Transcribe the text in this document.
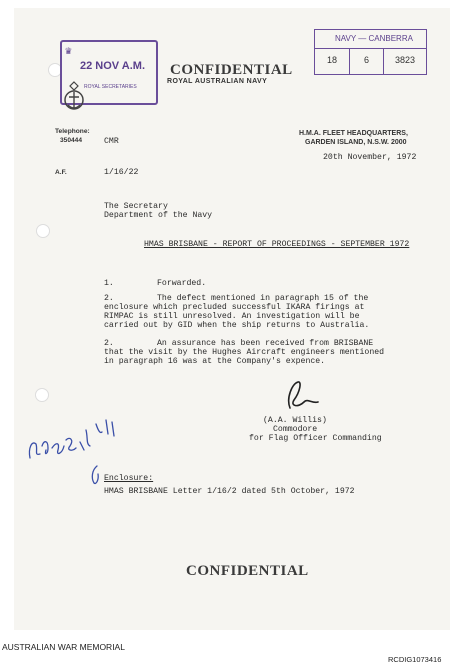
♛
22 NOV A.M.
ROYAL SECRETARIES
NAVY — CANBERRA
18	6	3823
CONFIDENTIAL
ROYAL AUSTRALIAN NAVY
Telephone:
350444	CMR
H.M.A. FLEET HEADQUARTERS,
GARDEN ISLAND, N.S.W. 2000
20th November, 1972
A.F.	1/16/22
The Secretary
Department of the Navy
HMAS BRISBANE - REPORT OF PROCEEDINGS - SEPTEMBER 1972
1.	Forwarded.
2.	The defect mentioned in paragraph 15 of the
enclosure which precluded successful IKARA firings at
RIMPAC is still unresolved. An investigation will be
carried out by GID when the ship returns to Australia.
2.	An assurance has been received from BRISBANE
that the visit by the Hughes Aircraft engineers mentioned
in paragraph 16 was at the Company's expence.
(A.A. Willis)
Commodore
for Flag Officer Commanding
Enclosure:
HMAS BRISBANE Letter 1/16/2 dated 5th October, 1972
CONFIDENTIAL
AUSTRALIAN WAR MEMORIAL
RCDIG1073416
